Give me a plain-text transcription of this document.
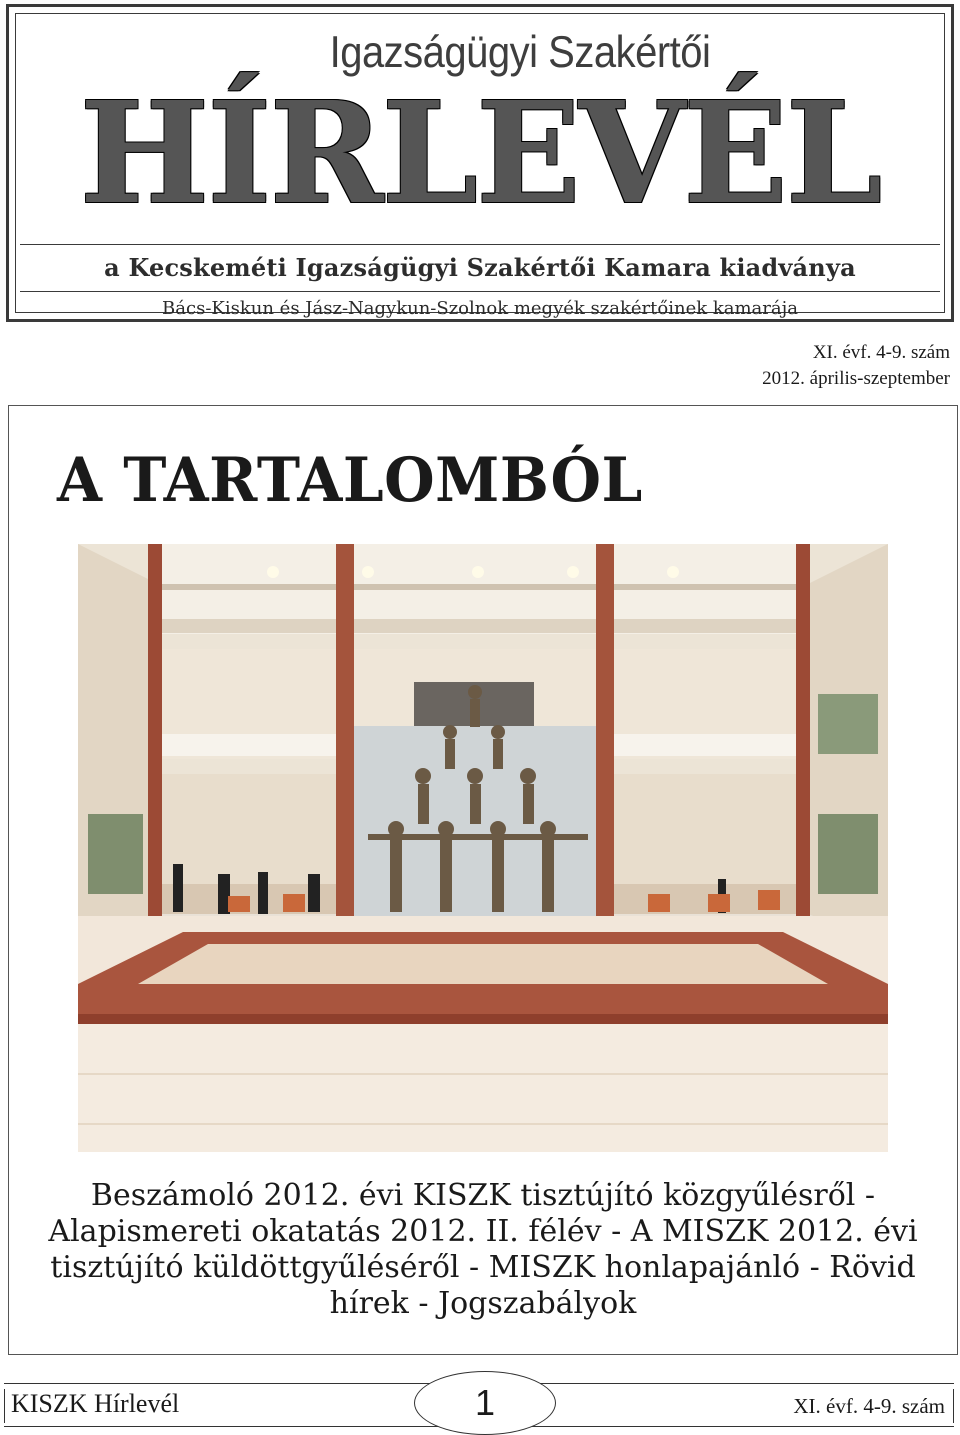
Igazságügyi Szakértői
HÍRLEVÉL
a Kecskeméti Igazságügyi Szakértői Kamara kiadványa
Bács-Kiskun és Jász-Nagykun-Szolnok megyék szakértőinek kamarája
XI. évf. 4-9. szám
2012. április-szeptember
A TARTALOMBÓL
Beszámoló 2012. évi KISZK tisztújító közgyűlésről - Alapismereti okatatás 2012. II. félév - A MISZK 2012. évi tisztújító küldöttgyűléséről - MISZK honlapajánló - Rövid hírek - Jogszabályok
KISZK Hírlevél	1	XI. évf. 4-9. szám
